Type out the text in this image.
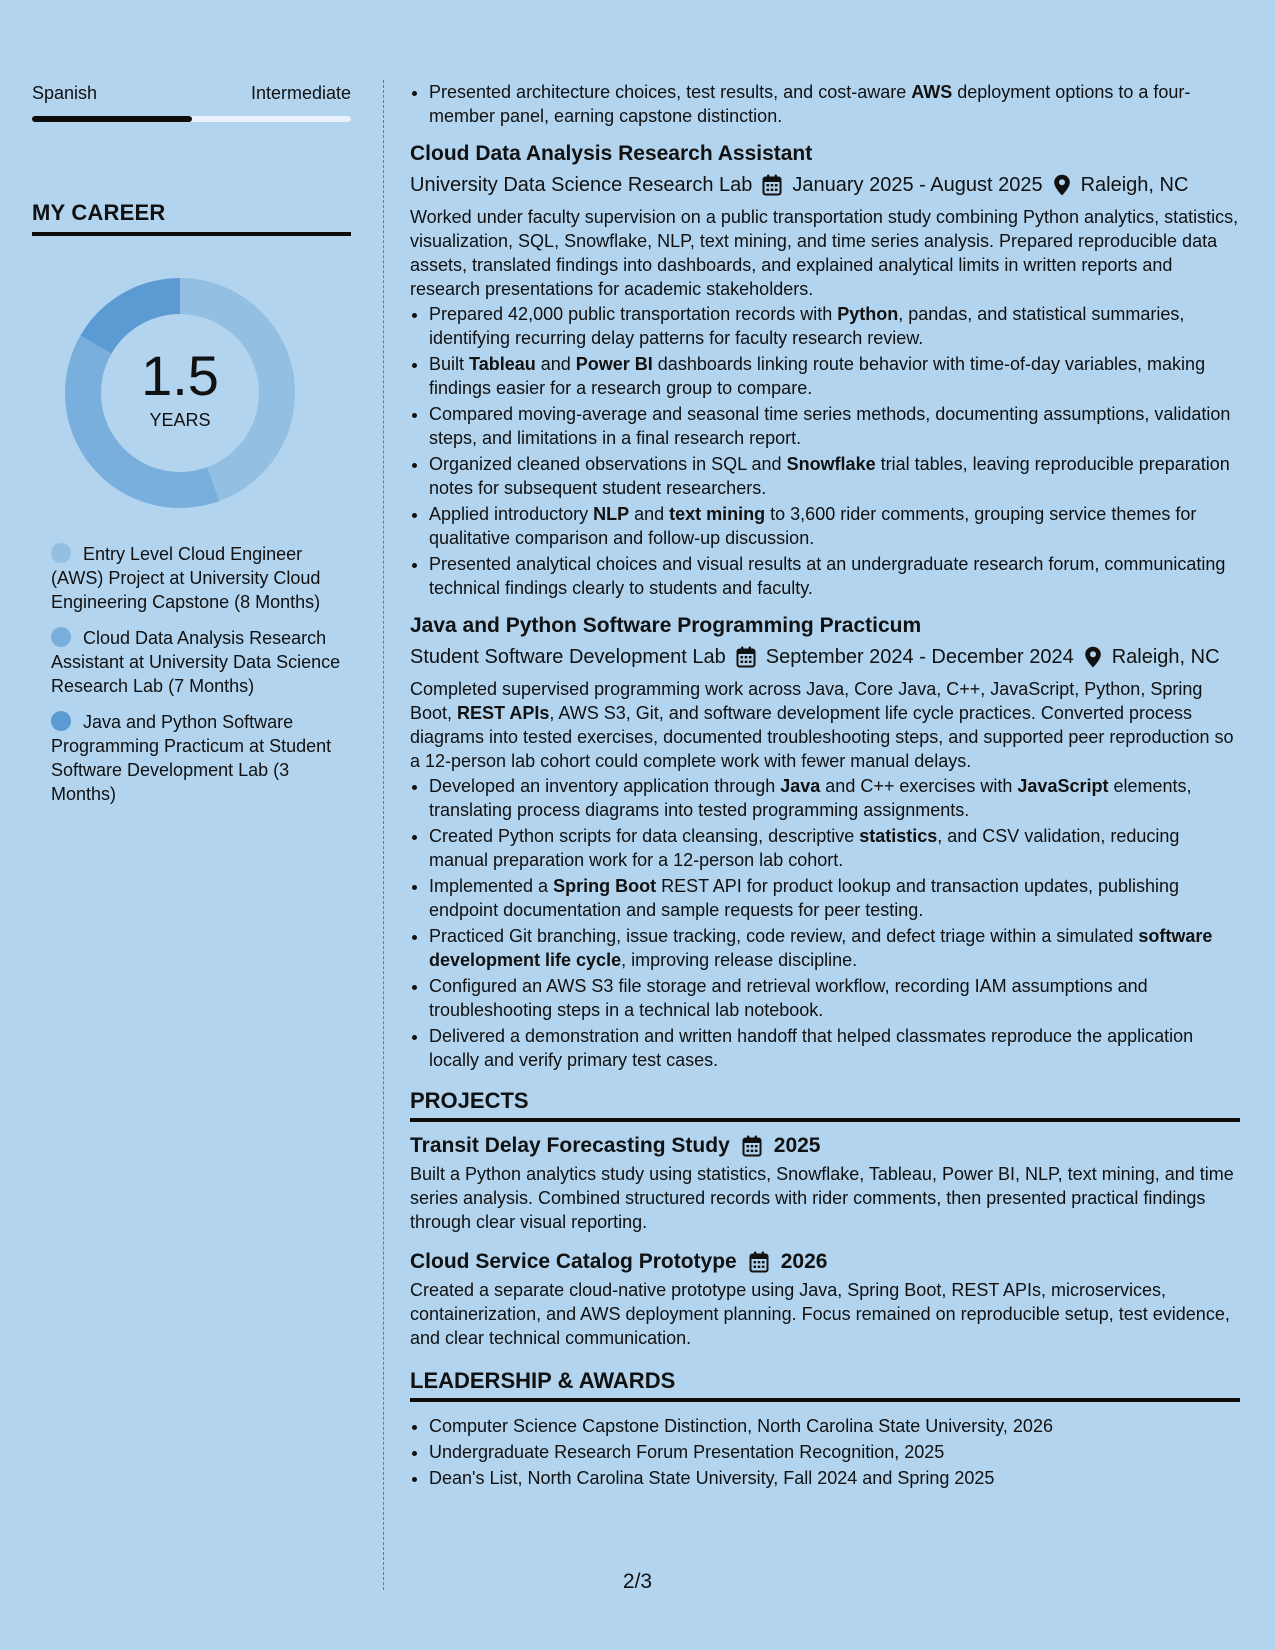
Spanish	Intermediate
MY CAREER
1.5
YEARS
Entry Level Cloud Engineer (AWS) Project at University Cloud Engineering Capstone (8 Months)
Cloud Data Analysis Research Assistant at University Data Science Research Lab (7 Months)
Java and Python Software Programming Practicum at Student Software Development Lab (3 Months)
• Presented architecture choices, test results, and cost-aware AWS deployment options to a four-member panel, earning capstone distinction.
Cloud Data Analysis Research Assistant
University Data Science Research Lab January 2025 - August 2025 Raleigh, NC
Worked under faculty supervision on a public transportation study combining Python analytics, statistics, visualization, SQL, Snowflake, NLP, text mining, and time series analysis. Prepared reproducible data assets, translated findings into dashboards, and explained analytical limits in written reports and research presentations for academic stakeholders.
• Prepared 42,000 public transportation records with Python, pandas, and statistical summaries, identifying recurring delay patterns for faculty research review.
• Built Tableau and Power BI dashboards linking route behavior with time-of-day variables, making findings easier for a research group to compare.
• Compared moving-average and seasonal time series methods, documenting assumptions, validation steps, and limitations in a final research report.
• Organized cleaned observations in SQL and Snowflake trial tables, leaving reproducible preparation notes for subsequent student researchers.
• Applied introductory NLP and text mining to 3,600 rider comments, grouping service themes for qualitative comparison and follow-up discussion.
• Presented analytical choices and visual results at an undergraduate research forum, communicating technical findings clearly to students and faculty.
Java and Python Software Programming Practicum
Student Software Development Lab September 2024 - December 2024 Raleigh, NC
Completed supervised programming work across Java, Core Java, C++, JavaScript, Python, Spring Boot, REST APIs, AWS S3, Git, and software development life cycle practices. Converted process diagrams into tested exercises, documented troubleshooting steps, and supported peer reproduction so a 12-person lab cohort could complete work with fewer manual delays.
• Developed an inventory application through Java and C++ exercises with JavaScript elements, translating process diagrams into tested programming assignments.
• Created Python scripts for data cleansing, descriptive statistics, and CSV validation, reducing manual preparation work for a 12-person lab cohort.
• Implemented a Spring Boot REST API for product lookup and transaction updates, publishing endpoint documentation and sample requests for peer testing.
• Practiced Git branching, issue tracking, code review, and defect triage within a simulated software development life cycle, improving release discipline.
• Configured an AWS S3 file storage and retrieval workflow, recording IAM assumptions and troubleshooting steps in a technical lab notebook.
• Delivered a demonstration and written handoff that helped classmates reproduce the application locally and verify primary test cases.
PROJECTS
Transit Delay Forecasting Study 2025
Built a Python analytics study using statistics, Snowflake, Tableau, Power BI, NLP, text mining, and time series analysis. Combined structured records with rider comments, then presented practical findings through clear visual reporting.
Cloud Service Catalog Prototype 2026
Created a separate cloud-native prototype using Java, Spring Boot, REST APIs, microservices, containerization, and AWS deployment planning. Focus remained on reproducible setup, test evidence, and clear technical communication.
LEADERSHIP & AWARDS
• Computer Science Capstone Distinction, North Carolina State University, 2026
• Undergraduate Research Forum Presentation Recognition, 2025
• Dean's List, North Carolina State University, Fall 2024 and Spring 2025
2/3
